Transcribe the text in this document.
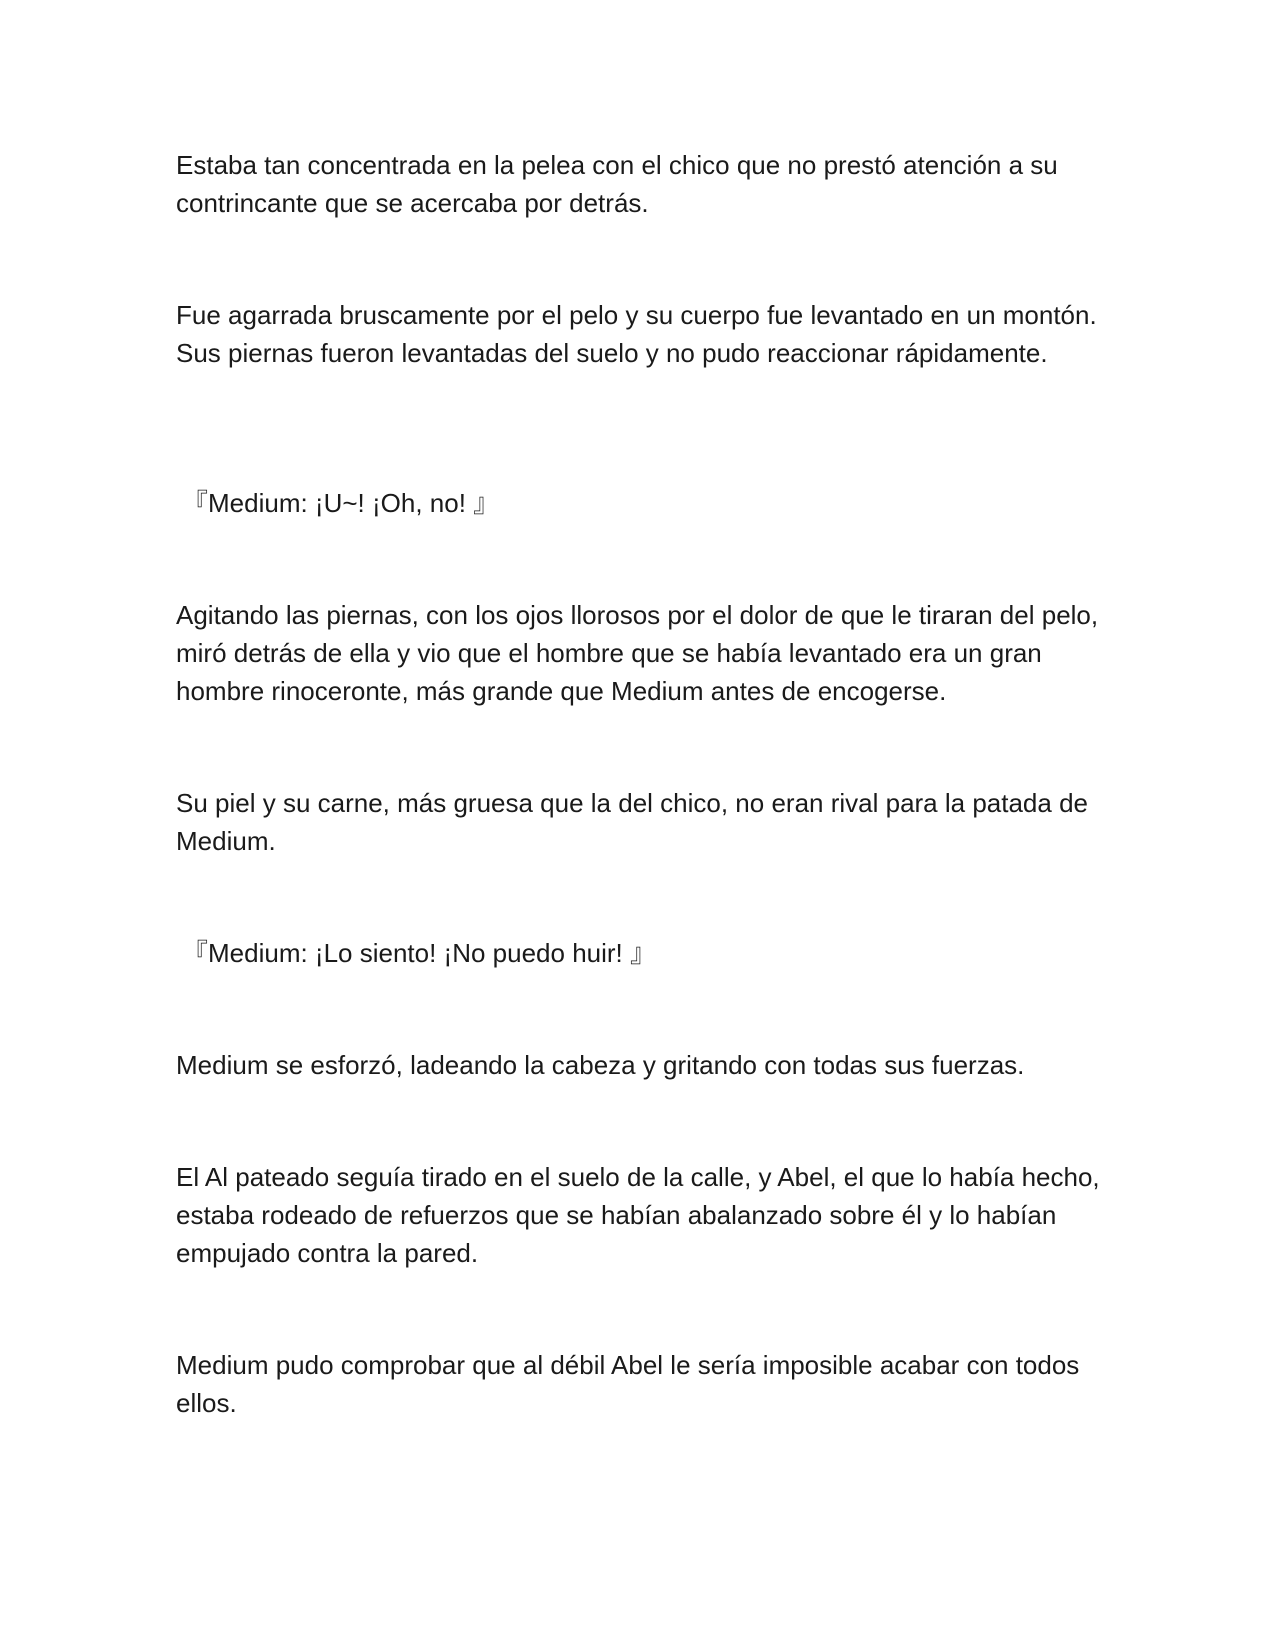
Estaba tan concentrada en la pelea con el chico que no prestó atención a su contrincante que se acercaba por detrás.

Fue agarrada bruscamente por el pelo y su cuerpo fue levantado en un montón. Sus piernas fueron levantadas del suelo y no pudo reaccionar rápidamente.

『Medium: ¡U~! ¡Oh, no! 』

Agitando las piernas, con los ojos llorosos por el dolor de que le tiraran del pelo, miró detrás de ella y vio que el hombre que se había levantado era un gran hombre rinoceronte, más grande que Medium antes de encogerse.

Su piel y su carne, más gruesa que la del chico, no eran rival para la patada de Medium.

『Medium: ¡Lo siento! ¡No puedo huir! 』

Medium se esforzó, ladeando la cabeza y gritando con todas sus fuerzas.

El Al pateado seguía tirado en el suelo de la calle, y Abel, el que lo había hecho, estaba rodeado de refuerzos que se habían abalanzado sobre él y lo habían empujado contra la pared.

Medium pudo comprobar que al débil Abel le sería imposible acabar con todos ellos.
